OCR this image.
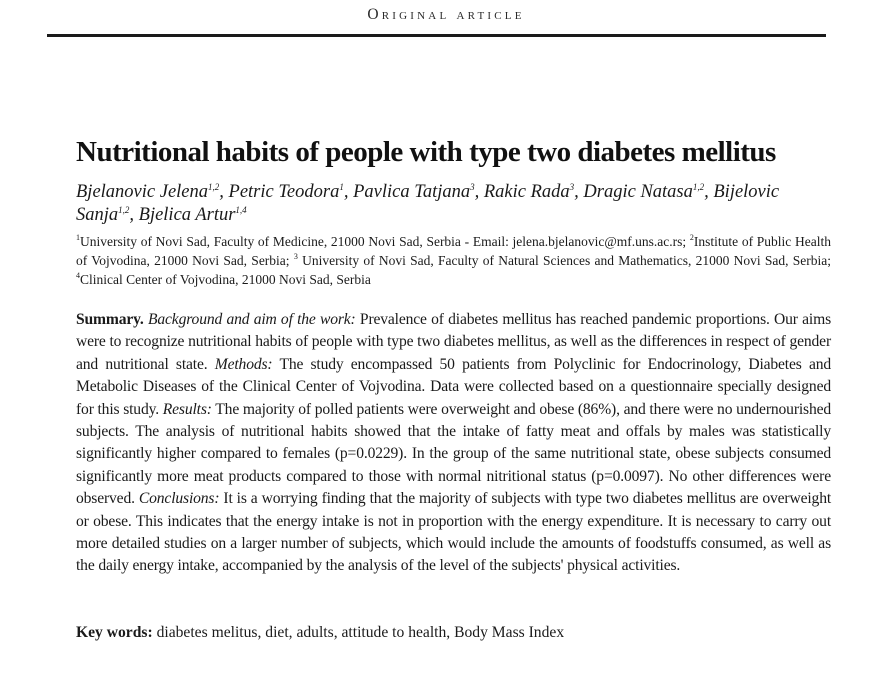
Original article
Nutritional habits of people with type two diabetes mellitus
Bjelanovic Jelena$^{1,2}$, Petric Teodora$^1$, Pavlica Tatjana$^3$, Rakic Rada$^3$, Dragic Natasa$^{1,2}$, Bijelovic Sanja$^{1,2}$, Bjelica Artur$^{1,4}$
$^1$University of Novi Sad, Faculty of Medicine, 21000 Novi Sad, Serbia - Email: jelena.bjelanovic@mf.uns.ac.rs; $^2$Institute of Public Health of Vojvodina, 21000 Novi Sad, Serbia; $^3$ University of Novi Sad, Faculty of Natural Sciences and Mathematics, 21000 Novi Sad, Serbia; $^4$Clinical Center of Vojvodina, 21000 Novi Sad, Serbia
Summary. Background and aim of the work: Prevalence of diabetes mellitus has reached pandemic proportions. Our aims were to recognize nutritional habits of people with type two diabetes mellitus, as well as the differences in respect of gender and nutritional state. Methods: The study encompassed 50 patients from Polyclinic for Endocrinology, Diabetes and Metabolic Diseases of the Clinical Center of Vojvodina. Data were collected based on a questionnaire specially designed for this study. Results: The majority of polled patients were overweight and obese (86%), and there were no undernourished subjects. The analysis of nutritional habits showed that the intake of fatty meat and offals by males was statistically significantly higher compared to females (p=0.0229). In the group of the same nutritional state, obese subjects consumed significantly more meat products compared to those with normal nitritional status (p=0.0097). No other differences were observed. Conclusions: It is a worrying finding that the majority of subjects with type two diabetes mellitus are overweight or obese. This indicates that the energy intake is not in proportion with the energy expenditure. It is necessary to carry out more detailed studies on a larger number of subjects, which would include the amounts of foodstuffs consumed, as well as the daily energy intake, accompanied by the analysis of the level of the subjects' physical activities.
Key words: diabetes melitus, diet, adults, attitude to health, Body Mass Index
